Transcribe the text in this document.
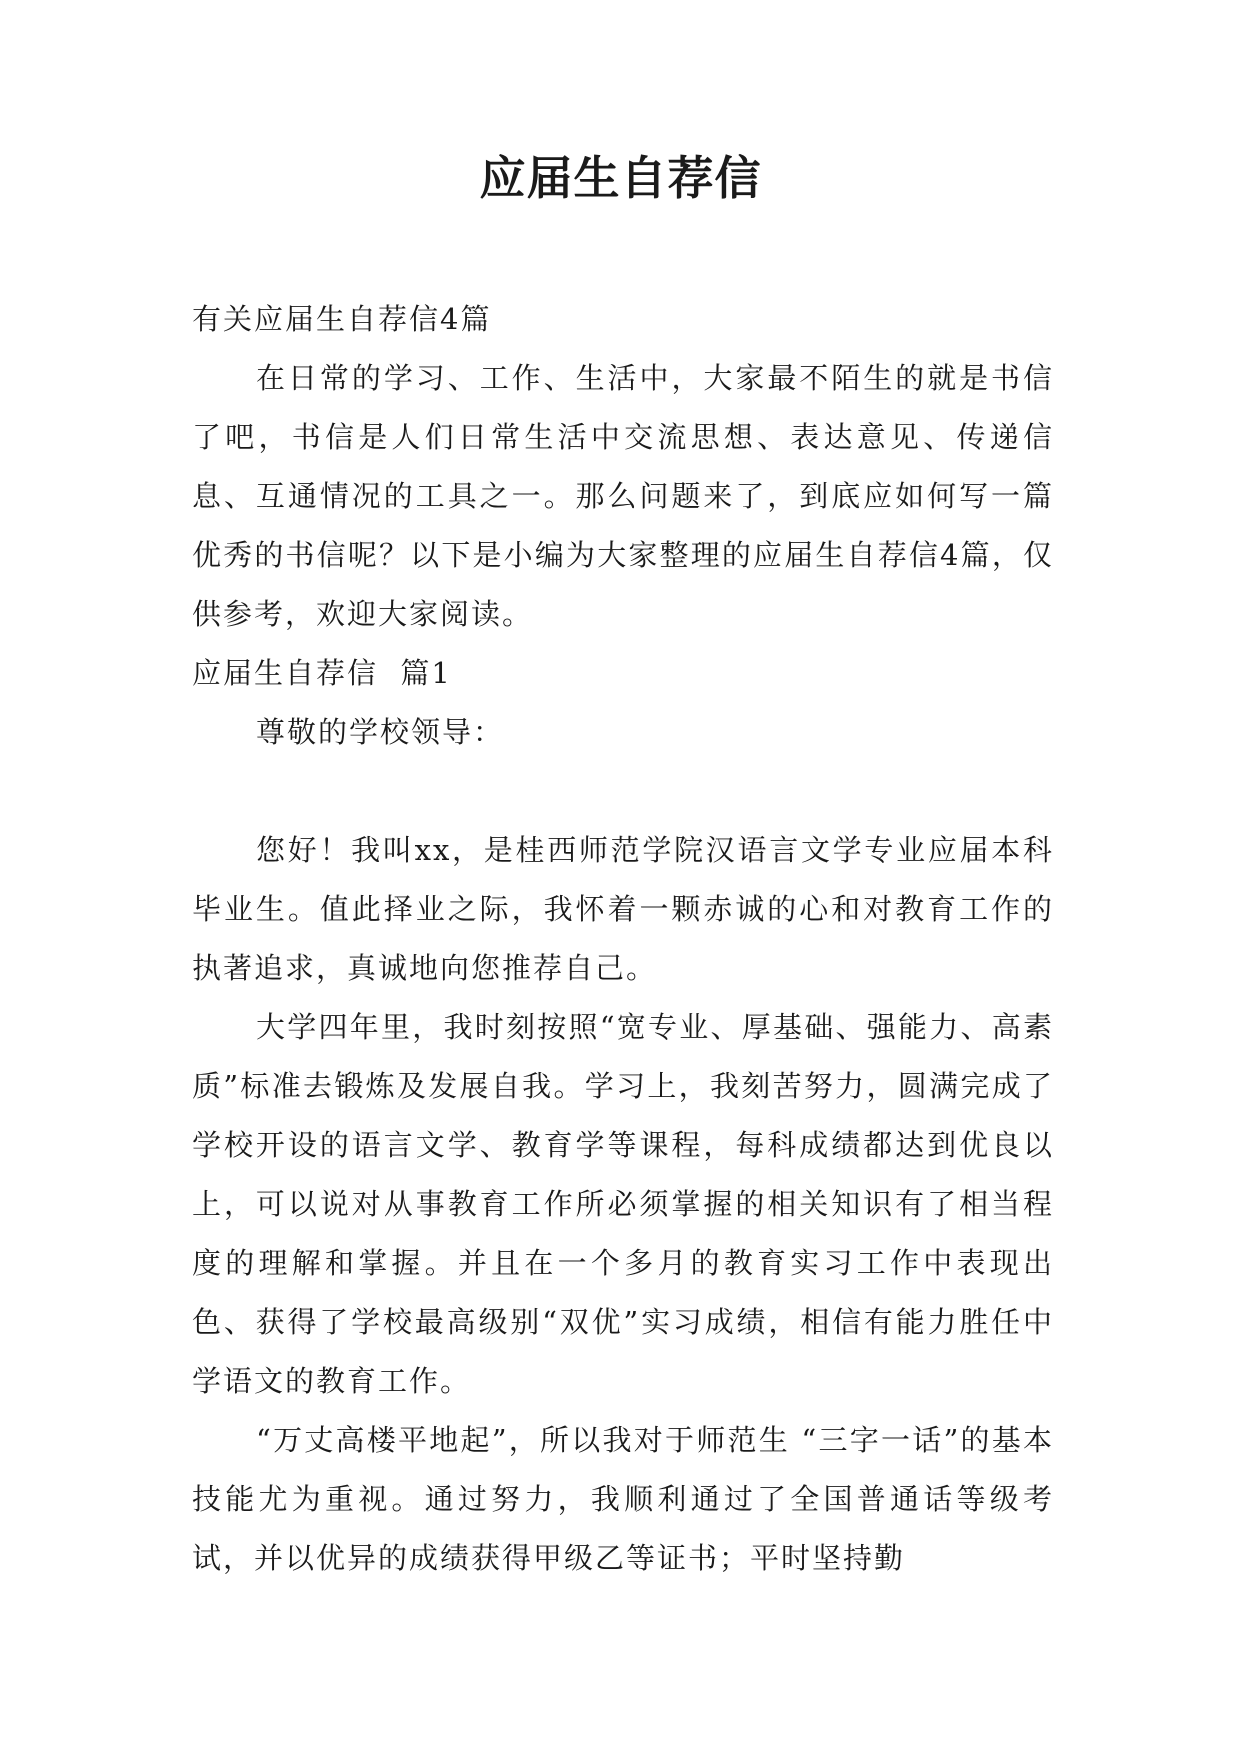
应届生自荐信

有关应届生自荐信4篇

在日常的学习、工作、生活中，大家最不陌生的就是书信了吧，书信是人们日常生活中交流思想、表达意见、传递信息、互通情况的工具之一。那么问题来了，到底应如何写一篇优秀的书信呢？以下是小编为大家整理的应届生自荐信4篇，仅供参考，欢迎大家阅读。

应届生自荐信  篇1

尊敬的学校领导：

您好！我叫xx，是桂西师范学院汉语言文学专业应届本科毕业生。值此择业之际，我怀着一颗赤诚的心和对教育工作的执著追求，真诚地向您推荐自己。

大学四年里，我时刻按照“宽专业、厚基础、强能力、高素质”标准去锻炼及发展自我。学习上，我刻苦努力，圆满完成了学校开设的语言文学、教育学等课程，每科成绩都达到优良以上，可以说对从事教育工作所必须掌握的相关知识有了相当程度的理解和掌握。并且在一个多月的教育实习工作中表现出色、获得了学校最高级别“双优”实习成绩，相信有能力胜任中学语文的教育工作。

“万丈高楼平地起”，所以我对于师范生 “三字一话”的基本技能尤为重视。通过努力，我顺利通过了全国普通话等级考试，并以优异的成绩获得甲级乙等证书；平时坚持勤
